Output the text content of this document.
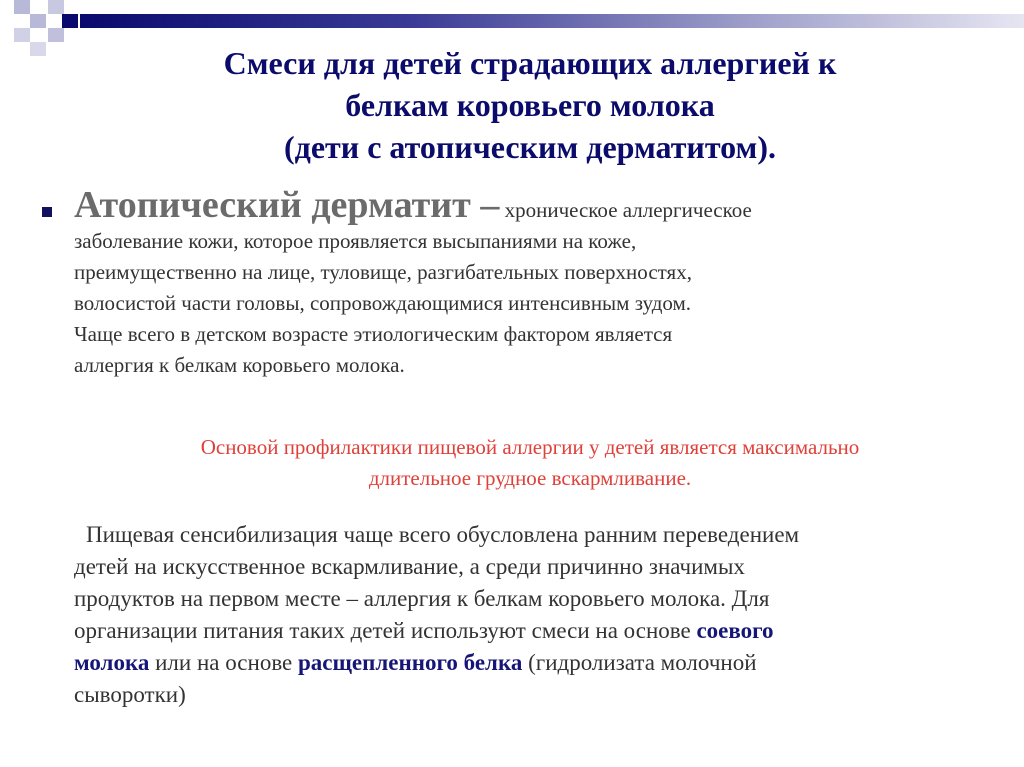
Смеси для детей страдающих аллергией к
белкам коровьего молока
(дети с атопическим дерматитом).
Атопический дерматит – хроническое аллергическое
заболевание кожи, которое проявляется высыпаниями на коже,
преимущественно на лице, туловище, разгибательных поверхностях,
волосистой части головы, сопровождающимися интенсивным зудом.
Чаще всего в детском возрасте этиологическим фактором является
аллергия к белкам коровьего молока.
Основой профилактики пищевой аллергии у детей является максимально
длительное грудное вскармливание.
Пищевая сенсибилизация чаще всего обусловлена ранним переведением
детей на искусственное вскармливание, а среди причинно значимых
продуктов на первом месте – аллергия к белкам коровьего молока. Для
организации питания таких детей используют смеси на основе соевого
молока или на основе расщепленного белка (гидролизата молочной
сыворотки)
